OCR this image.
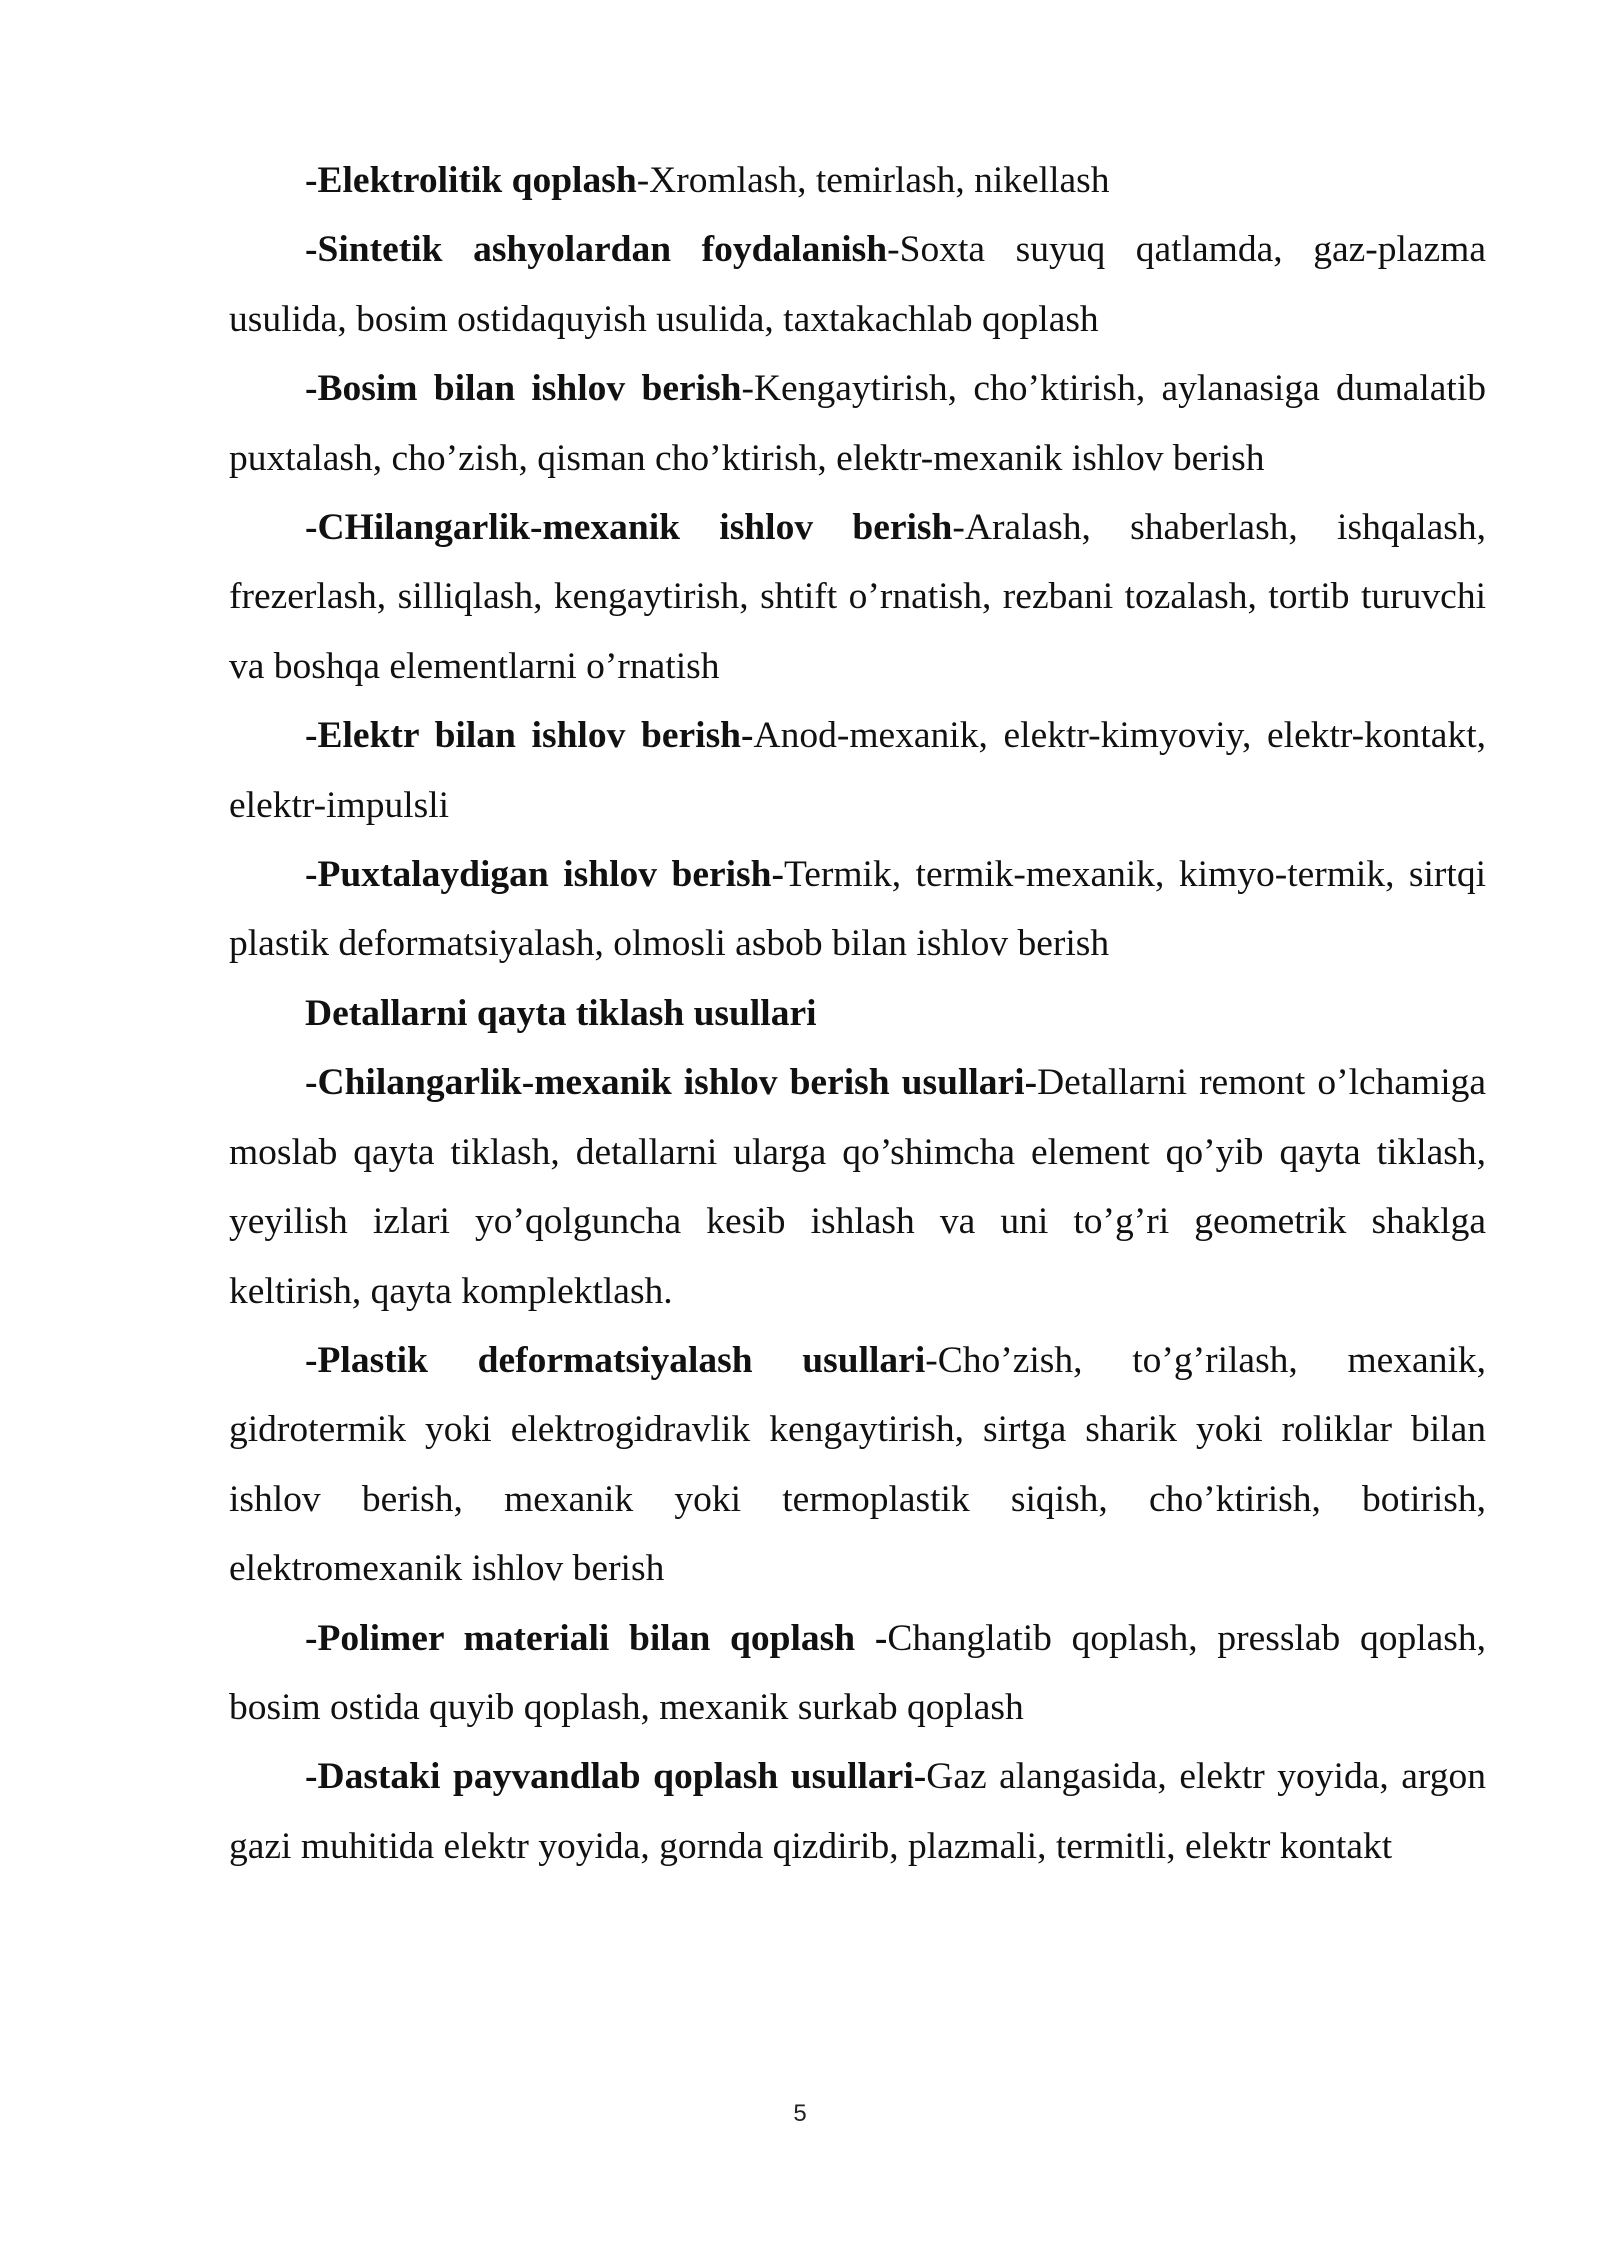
-Elektrolitik qoplash-Xromlash, temirlash, nikellash

-Sintetik ashyolardan foydalanish-Soxta suyuq qatlamda, gaz-plazma usulida, bosim ostidaquyish usulida, taxtakachlab qoplash

-Bosim bilan ishlov berish-Kengaytirish, cho’ktirish, aylanasiga dumalatib puxtalash, cho’zish, qisman cho’ktirish, elektr-mexanik ishlov berish

-CHilangarlik-mexanik ishlov berish-Aralash, shaberlash, ishqalash, frezerlash, silliqlash, kengaytirish, shtift o’rnatish, rezbani tozalash, tortib turuvchi va boshqa elementlarni o’rnatish

-Elektr bilan ishlov berish-Anod-mexanik, elektr-kimyoviy, elektr-kontakt, elektr-impulsli

-Puxtalaydigan ishlov berish-Termik, termik-mexanik, kimyo-termik, sirtqi plastik deformatsiyalash, olmosli asbob bilan ishlov berish

Detallarni qayta tiklash usullari

-Chilangarlik-mexanik ishlov berish usullari-Detallarni remont o’lchamiga moslab qayta tiklash, detallarni ularga qo’shimcha element qo’yib qayta tiklash, yeyilish izlari yo’qolguncha kesib ishlash va uni to’g’ri geometrik shaklga keltirish, qayta komplektlash.

-Plastik deformatsiyalash usullari-Cho’zish, to’g’rilash, mexanik, gidrotermik yoki elektrogidravlik kengaytirish, sirtga sharik yoki roliklar bilan ishlov berish, mexanik yoki termoplastik siqish, cho’ktirish, botirish, elektromexanik ishlov berish

-Polimer materiali bilan qoplash -Changlatib qoplash, presslab qoplash, bosim ostida quyib qoplash, mexanik surkab qoplash

-Dastaki payvandlab qoplash usullari-Gaz alangasida, elektr yoyida, argon gazi muhitida elektr yoyida, gornda qizdirib, plazmali, termitli, elektr kontakt

5
